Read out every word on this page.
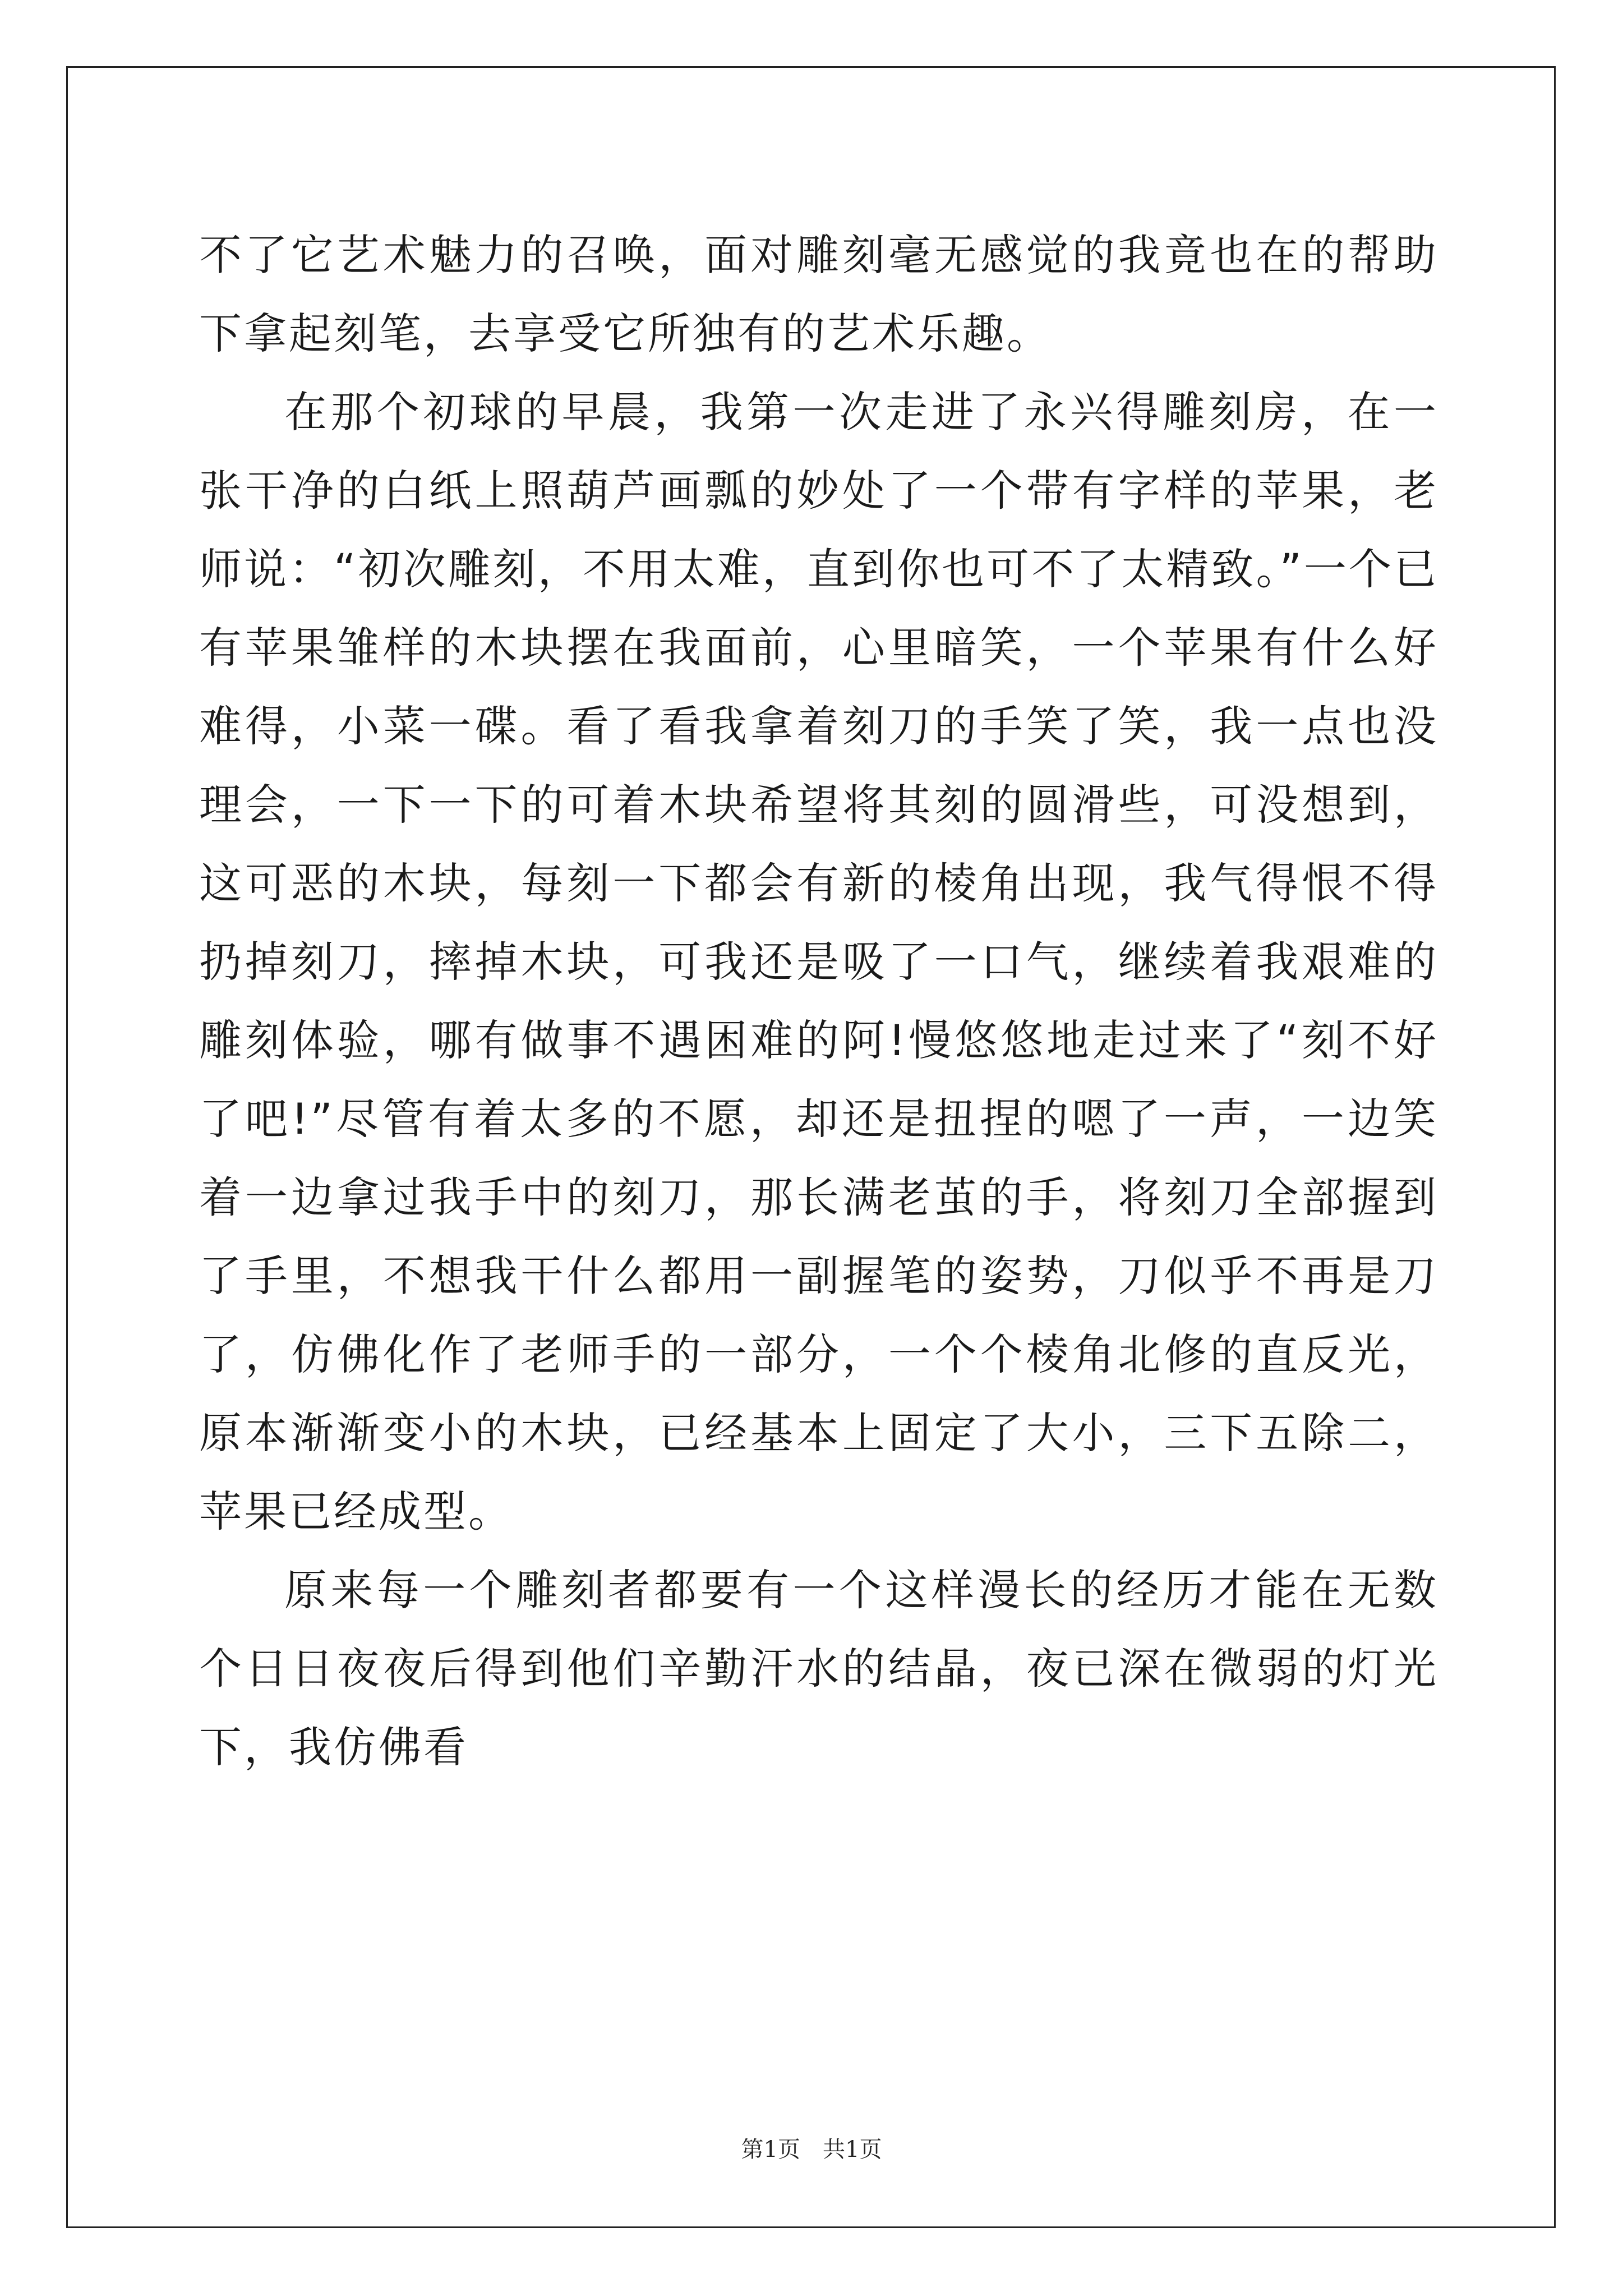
不了它艺术魅力的召唤，面对雕刻毫无感觉的我竟也在的帮助下拿起刻笔，去享受它所独有的艺术乐趣。

在那个初球的早晨，我第一次走进了永兴得雕刻房，在一张干净的白纸上照葫芦画瓢的妙处了一个带有字样的苹果，老师说：“初次雕刻，不用太难，直到你也可不了太精致。”一个已有苹果雏样的木块摆在我面前，心里暗笑，一个苹果有什么好难得，小菜一碟。看了看我拿着刻刀的手笑了笑，我一点也没理会，一下一下的可着木块希望将其刻的圆滑些，可没想到，这可恶的木块，每刻一下都会有新的棱角出现，我气得恨不得扔掉刻刀，摔掉木块，可我还是吸了一口气，继续着我艰难的雕刻体验，哪有做事不遇困难的阿!慢悠悠地走过来了“刻不好了吧!”尽管有着太多的不愿，却还是扭捏的嗯了一声，一边笑着一边拿过我手中的刻刀，那长满老茧的手，将刻刀全部握到了手里，不想我干什么都用一副握笔的姿势，刀似乎不再是刀了，仿佛化作了老师手的一部分，一个个棱角北修的直反光，原本渐渐变小的木块，已经基本上固定了大小，三下五除二，苹果已经成型。

原来每一个雕刻者都要有一个这样漫长的经历才能在无数个日日夜夜后得到他们辛勤汗水的结晶，夜已深在微弱的灯光下，我仿佛看

第1页　共1页
